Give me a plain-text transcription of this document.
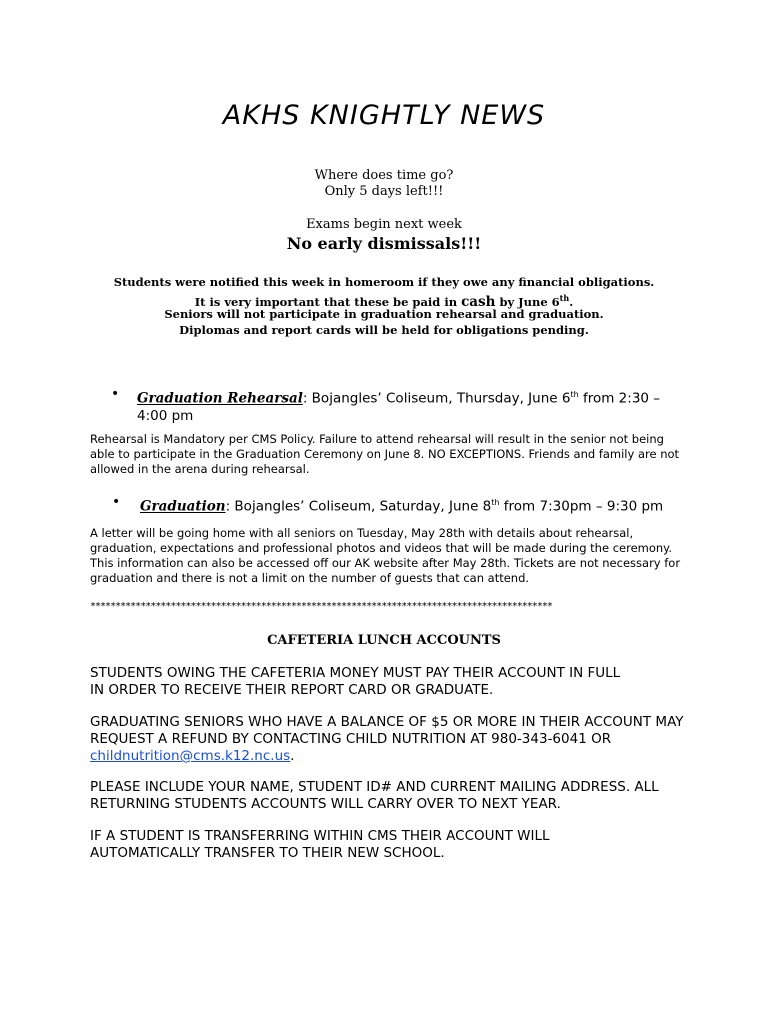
AKHS KNIGHTLY NEWS
Where does time go?
Only 5 days left!!!
Exams begin next week
No early dismissals!!!
Students were notified this week in homeroom if they owe any financial obligations.
It is very important that these be paid in cash by June 6th.
Seniors will not participate in graduation rehearsal and graduation.
Diplomas and report cards will be held for obligations pending.
• Graduation Rehearsal: Bojangles’ Coliseum, Thursday, June 6th from 2:30 –
4:00 pm
Rehearsal is Mandatory per CMS Policy. Failure to attend rehearsal will result in the senior not being able to participate in the Graduation Ceremony on June 8. NO EXCEPTIONS. Friends and family are not allowed in the arena during rehearsal.
• Graduation: Bojangles’ Coliseum, Saturday, June 8th from 7:30pm – 9:30 pm
A letter will be going home with all seniors on Tuesday, May 28th with details about rehearsal, graduation, expectations and professional photos and videos that will be made during the ceremony. This information can also be accessed off our AK website after May 28th. Tickets are not necessary for graduation and there is not a limit on the number of guests that can attend.
********************************************************************************************
CAFETERIA LUNCH ACCOUNTS
STUDENTS OWING THE CAFETERIA MONEY MUST PAY THEIR ACCOUNT IN FULL IN ORDER TO RECEIVE THEIR REPORT CARD OR GRADUATE.
GRADUATING SENIORS WHO HAVE A BALANCE OF $5 OR MORE IN THEIR ACCOUNT MAY REQUEST A REFUND BY CONTACTING CHILD NUTRITION AT 980-343-6041 OR childnutrition@cms.k12.nc.us.
PLEASE INCLUDE YOUR NAME, STUDENT ID# AND CURRENT MAILING ADDRESS. ALL RETURNING STUDENTS ACCOUNTS WILL CARRY OVER TO NEXT YEAR.
IF A STUDENT IS TRANSFERRING WITHIN CMS THEIR ACCOUNT WILL AUTOMATICALLY TRANSFER TO THEIR NEW SCHOOL.
